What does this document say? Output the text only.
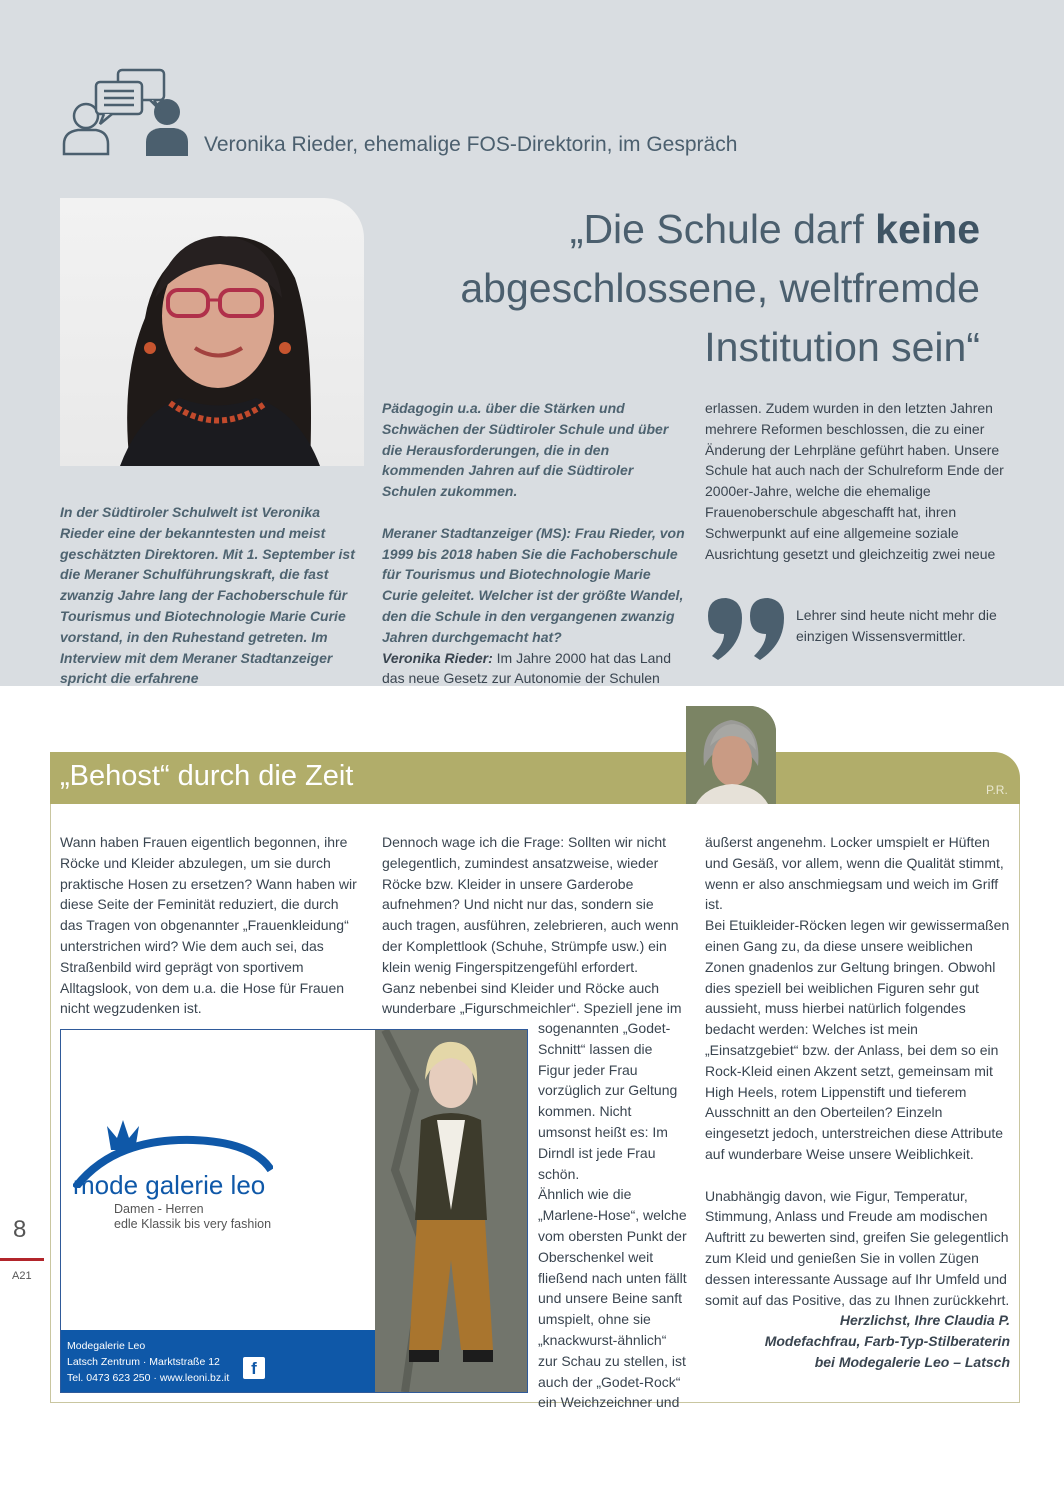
Veronika Rieder, ehemalige FOS-Direktorin, im Gespräch
„Die Schule darf keine abgeschlossene, weltfremde Institution sein“
In der Südtiroler Schulwelt ist Veronika Rieder eine der bekanntesten und meist geschätzten Direktoren. Mit 1. September ist die Meraner Schulführungskraft, die fast zwanzig Jahre lang der Fachoberschule für Tourismus und Biotechnologie Marie Curie vorstand, in den Ruhestand getreten. Im Interview mit dem Meraner Stadtanzeiger spricht die erfahrene
Pädagogin u.a. über die Stärken und Schwächen der Südtiroler Schule und über die Herausforderungen, die in den kommenden Jahren auf die Südtiroler Schulen zukommen.
Meraner Stadtanzeiger (MS): Frau Rieder, von 1999 bis 2018 haben Sie die Fachoberschule für Tourismus und Biotechnologie Marie Curie geleitet. Welcher ist der größte Wandel, den die Schule in den vergangenen zwanzig Jahren durchgemacht hat?
Veronika Rieder: Im Jahre 2000 hat das Land das neue Gesetz zur Autonomie der Schulen
erlassen. Zudem wurden in den letzten Jahren mehrere Reformen beschlossen, die zu einer Änderung der Lehrpläne geführt haben. Unsere Schule hat auch nach der Schulreform Ende der 2000er-Jahre, welche die ehemalige Frauenoberschule abgeschafft hat, ihren Schwerpunkt auf eine allgemeine soziale Ausrichtung gesetzt und gleichzeitig zwei neue
Lehrer sind heute nicht mehr die einzigen Wissensvermittler.
„Behost“ durch die Zeit	P.R.

Wann haben Frauen eigentlich begonnen, ihre Röcke und Kleider abzulegen, um sie durch praktische Hosen zu ersetzen? Wann haben wir diese Seite der Feminität reduziert, die durch das Tragen von obgenannter „Frauenkleidung“ unterstrichen wird? Wie dem auch sei, das Straßenbild wird geprägt von sportivem Alltagslook, von dem u.a. die Hose für Frauen nicht wegzudenken ist.

Dennoch wage ich die Frage: Sollten wir nicht gelegentlich, zumindest ansatzweise, wieder Röcke bzw. Kleider in unsere Garderobe aufnehmen? Und nicht nur das, sondern sie auch tragen, ausführen, zelebrieren, auch wenn der Komplettlook (Schuhe, Strümpfe usw.) ein klein wenig Fingerspitzengefühl erfordert.

Ganz nebenbei sind Kleider und Röcke auch wunderbare „Figurschmeichler“. Speziell jene im

sogenannten „Godet-Schnitt“ lassen die Figur jeder Frau vorzüglich zur Geltung kommen. Nicht umsonst heißt es: Im Dirndl ist jede Frau schön.

Ähnlich wie die „Marlene-Hose“, welche vom obersten Punkt der Oberschenkel weit fließend nach unten fällt und unsere Beine sanft umspielt, ohne sie „knackwurst-ähnlich“ zur Schau zu stellen, ist auch der „Godet-Rock“ ein Weichzeichner und

äußerst angenehm. Locker umspielt er Hüften und Gesäß, vor allem, wenn die Qualität stimmt, wenn er also anschmiegsam und weich im Griff ist.

Bei Etuikleider-Röcken legen wir gewissermaßen einen Gang zu, da diese unsere weiblichen Zonen gnadenlos zur Geltung bringen. Obwohl dies speziell bei weiblichen Figuren sehr gut aussieht, muss hierbei natürlich folgendes bedacht werden: Welches ist mein „Einsatzgebiet“ bzw. der Anlass, bei dem so ein Rock-Kleid einen Akzent setzt, gemeinsam mit High Heels, rotem Lippenstift und tieferem Ausschnitt an den Oberteilen? Einzeln eingesetzt jedoch, unterstreichen diese Attribute auf wunderbare Weise unsere Weiblichkeit.

Unabhängig davon, wie Figur, Temperatur, Stimmung, Anlass und Freude am modischen Auftritt zu bewerten sind, greifen Sie gelegentlich zum Kleid und genießen Sie in vollen Zügen dessen interessante Aussage auf Ihr Umfeld und somit auf das Positive, das zu Ihnen zurückkehrt.

Herzlichst, Ihre Claudia P.

Modefachfrau, Farb-Typ-Stilberaterin

bei Modegalerie Leo – Latsch

mode galerie leo
Damen - Herren
edle Klassik bis very fashion
Modegalerie Leo
Latsch Zentrum · Marktstraße 12
Tel. 0473 623 250 · www.leoni.bz.it	f
8
A21
